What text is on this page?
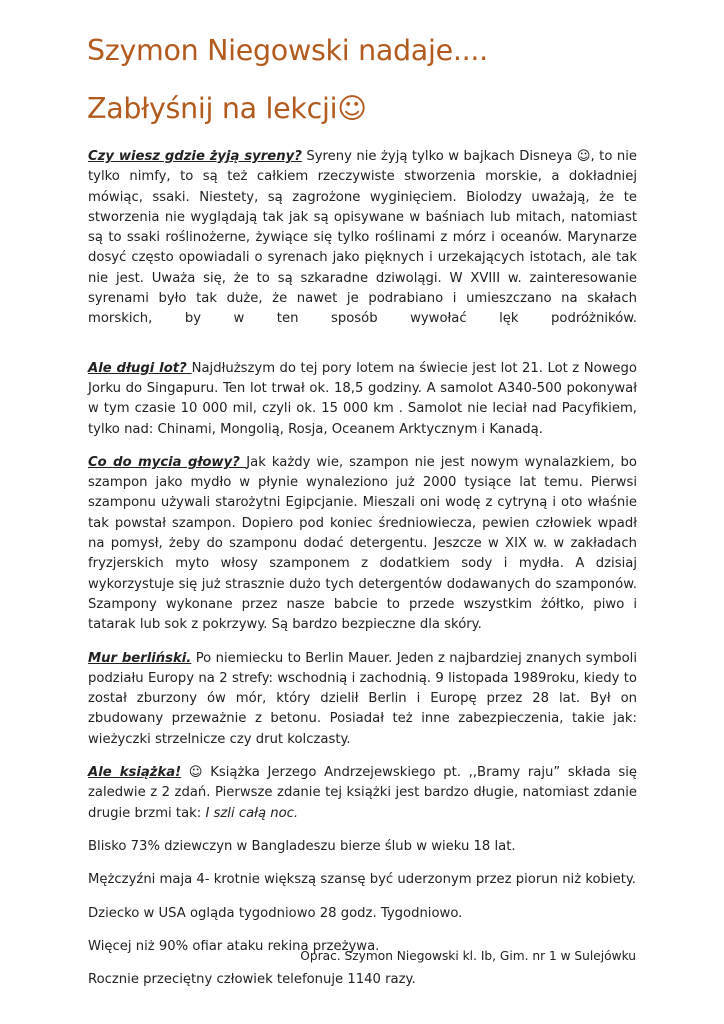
Szymon Niegowski nadaje....
Zabłyśnij na lekcji☺

Czy wiesz gdzie żyją syreny? Syreny nie żyją tylko w bajkach Disneya ☺, to nie tylko nimfy, to są też całkiem rzeczywiste stworzenia morskie, a dokładniej mówiąc, ssaki. Niestety, są zagrożone wyginięciem. Biolodzy uważają, że te stworzenia nie wyglądają tak jak są opisywane w baśniach lub mitach, natomiast są to ssaki roślinożerne, żywiące się tylko roślinami z mórz i oceanów. Marynarze dosyć często opowiadali o syrenach jako pięknych i urzekających istotach, ale tak nie jest. Uważa się, że to są szkaradne dziwolągi. W XVIII w. zainteresowanie syrenami było tak duże, że nawet je podrabiano i umieszczano na skałach morskich, by w ten sposób wywołać lęk podróżników.

Ale długi lot? Najdłuższym do tej pory lotem na świecie jest lot 21. Lot z Nowego Jorku do Singapuru. Ten lot trwał ok. 18,5 godziny. A samolot A340-500 pokonywał w tym czasie 10 000 mil, czyli ok. 15 000 km . Samolot nie leciał nad Pacyfikiem, tylko nad: Chinami, Mongolią, Rosja, Oceanem Arktycznym i Kanadą.

Co do mycia głowy? Jak każdy wie, szampon nie jest nowym wynalazkiem, bo szampon jako mydło w płynie wynaleziono już 2000 tysiące lat temu. Pierwsi szamponu używali starożytni Egipcjanie. Mieszali oni wodę z cytryną i oto właśnie tak powstał szampon. Dopiero pod koniec średniowiecza, pewien człowiek wpadł na pomysł, żeby do szamponu dodać detergentu. Jeszcze w XIX w. w zakładach fryzjerskich myto włosy szamponem z dodatkiem sody i mydła. A dzisiaj wykorzystuje się już strasznie dużo tych detergentów dodawanych do szamponów. Szampony wykonane przez nasze babcie to przede wszystkim żółtko, piwo i tatarak lub sok z pokrzywy. Są bardzo bezpieczne dla skóry.

Mur berliński. Po niemiecku to Berlin Mauer. Jeden z najbardziej znanych symboli podziału Europy na 2 strefy: wschodnią i zachodnią. 9 listopada 1989roku, kiedy to został zburzony ów mór, który dzielił Berlin i Europę przez 28 lat. Był on zbudowany przeważnie z betonu. Posiadał też inne zabezpieczenia, takie jak: wieżyczki strzelnicze czy drut kolczasty.

Ale książka! ☺ Książka Jerzego Andrzejewskiego pt. ,,Bramy raju” składa się zaledwie z 2 zdań. Pierwsze zdanie tej książki jest bardzo długie, natomiast zdanie drugie brzmi tak: I szli całą noc.

Blisko 73% dziewczyn w Bangladeszu bierze ślub w wieku 18 lat.

Mężczyźni maja 4- krotnie większą szansę być uderzonym przez piorun niż kobiety.

Dziecko w USA ogląda tygodniowo 28 godz. Tygodniowo.

Więcej niż 90% ofiar ataku rekina przeżywa.

Rocznie przeciętny człowiek telefonuje 1140 razy.

Oprac. Szymon Niegowski kl. Ib, Gim. nr 1 w Sulejówku
